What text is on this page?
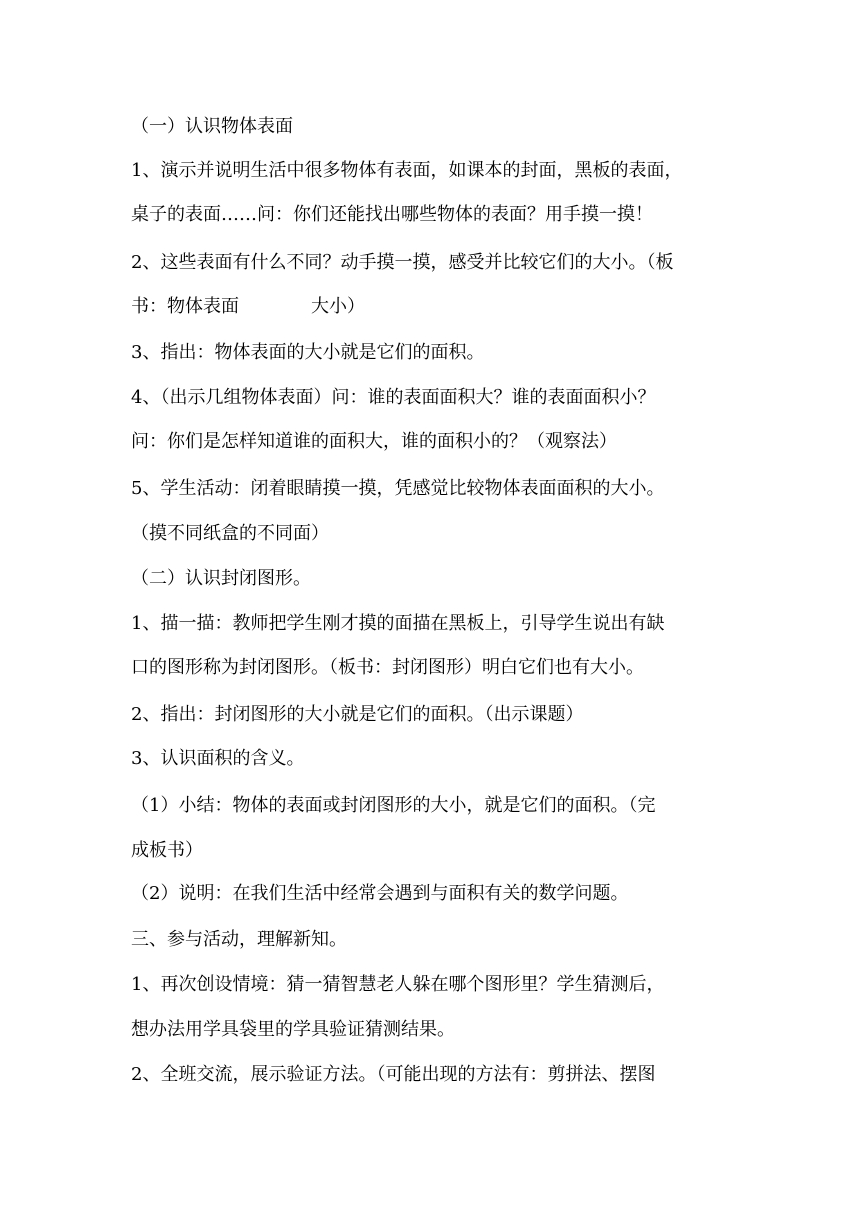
（一）认识物体表面
1、演示并说明生活中很多物体有表面，如课本的封面，黑板的表面，
桌子的表面……问：你们还能找出哪些物体的表面？用手摸一摸！
2、这些表面有什么不同？动手摸一摸，感受并比较它们的大小。（板
书：物体表面　　　　大小）
3、指出：物体表面的大小就是它们的面积。
4、（出示几组物体表面）问：谁的表面面积大？谁的表面面积小？
问：你们是怎样知道谁的面积大，谁的面积小的？（观察法）
5、学生活动：闭着眼睛摸一摸，凭感觉比较物体表面面积的大小。
（摸不同纸盒的不同面）
（二）认识封闭图形。
1、描一描：教师把学生刚才摸的面描在黑板上，引导学生说出有缺
口的图形称为封闭图形。（板书：封闭图形）明白它们也有大小。
2、指出：封闭图形的大小就是它们的面积。（出示课题）
3、认识面积的含义。
（1）小结：物体的表面或封闭图形的大小，就是它们的面积。（完
成板书）
（2）说明：在我们生活中经常会遇到与面积有关的数学问题。
三、参与活动，理解新知。
1、再次创设情境：猜一猜智慧老人躲在哪个图形里？学生猜测后，
想办法用学具袋里的学具验证猜测结果。
2、全班交流，展示验证方法。（可能出现的方法有：剪拼法、摆图
